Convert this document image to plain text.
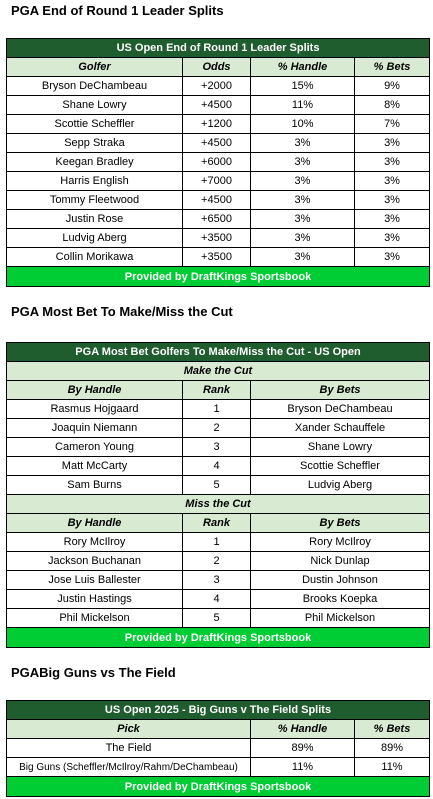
PGA End of Round 1 Leader Splits
US Open End of Round 1 Leader Splits			
Golfer	Odds	% Handle	% Bets
Bryson DeChambeau	+2000	15%	9%
Shane Lowry	+4500	11%	8%
Scottie Scheffler	+1200	10%	7%
Sepp Straka	+4500	3%	3%
Keegan Bradley	+6000	3%	3%
Harris English	+7000	3%	3%
Tommy Fleetwood	+4500	3%	3%
Justin Rose	+6500	3%	3%
Ludvig Aberg	+3500	3%	3%
Collin Morikawa	+3500	3%	3%
Provided by DraftKings Sportsbook			
PGA Most Bet To Make/Miss the Cut
PGA Most Bet Golfers To Make/Miss the Cut - US Open		
Make the Cut		
By Handle	Rank	By Bets
Rasmus Hojgaard	1	Bryson DeChambeau
Joaquin Niemann	2	Xander Schauffele
Cameron Young	3	Shane Lowry
Matt McCarty	4	Scottie Scheffler
Sam Burns	5	Ludvig Aberg
Miss the Cut		
By Handle	Rank	By Bets
Rory McIlroy	1	Rory McIlroy
Jackson Buchanan	2	Nick Dunlap
Jose Luis Ballester	3	Dustin Johnson
Justin Hastings	4	Brooks Koepka
Phil Mickelson	5	Phil Mickelson
Provided by DraftKings Sportsbook		
PGABig Guns vs The Field
US Open 2025 - Big Guns v The Field Splits		
Pick	% Handle	% Bets
The Field	89%	89%
Big Guns (Scheffler/McIlroy/Rahm/DeChambeau)	11%	11%
Provided by DraftKings Sportsbook		
